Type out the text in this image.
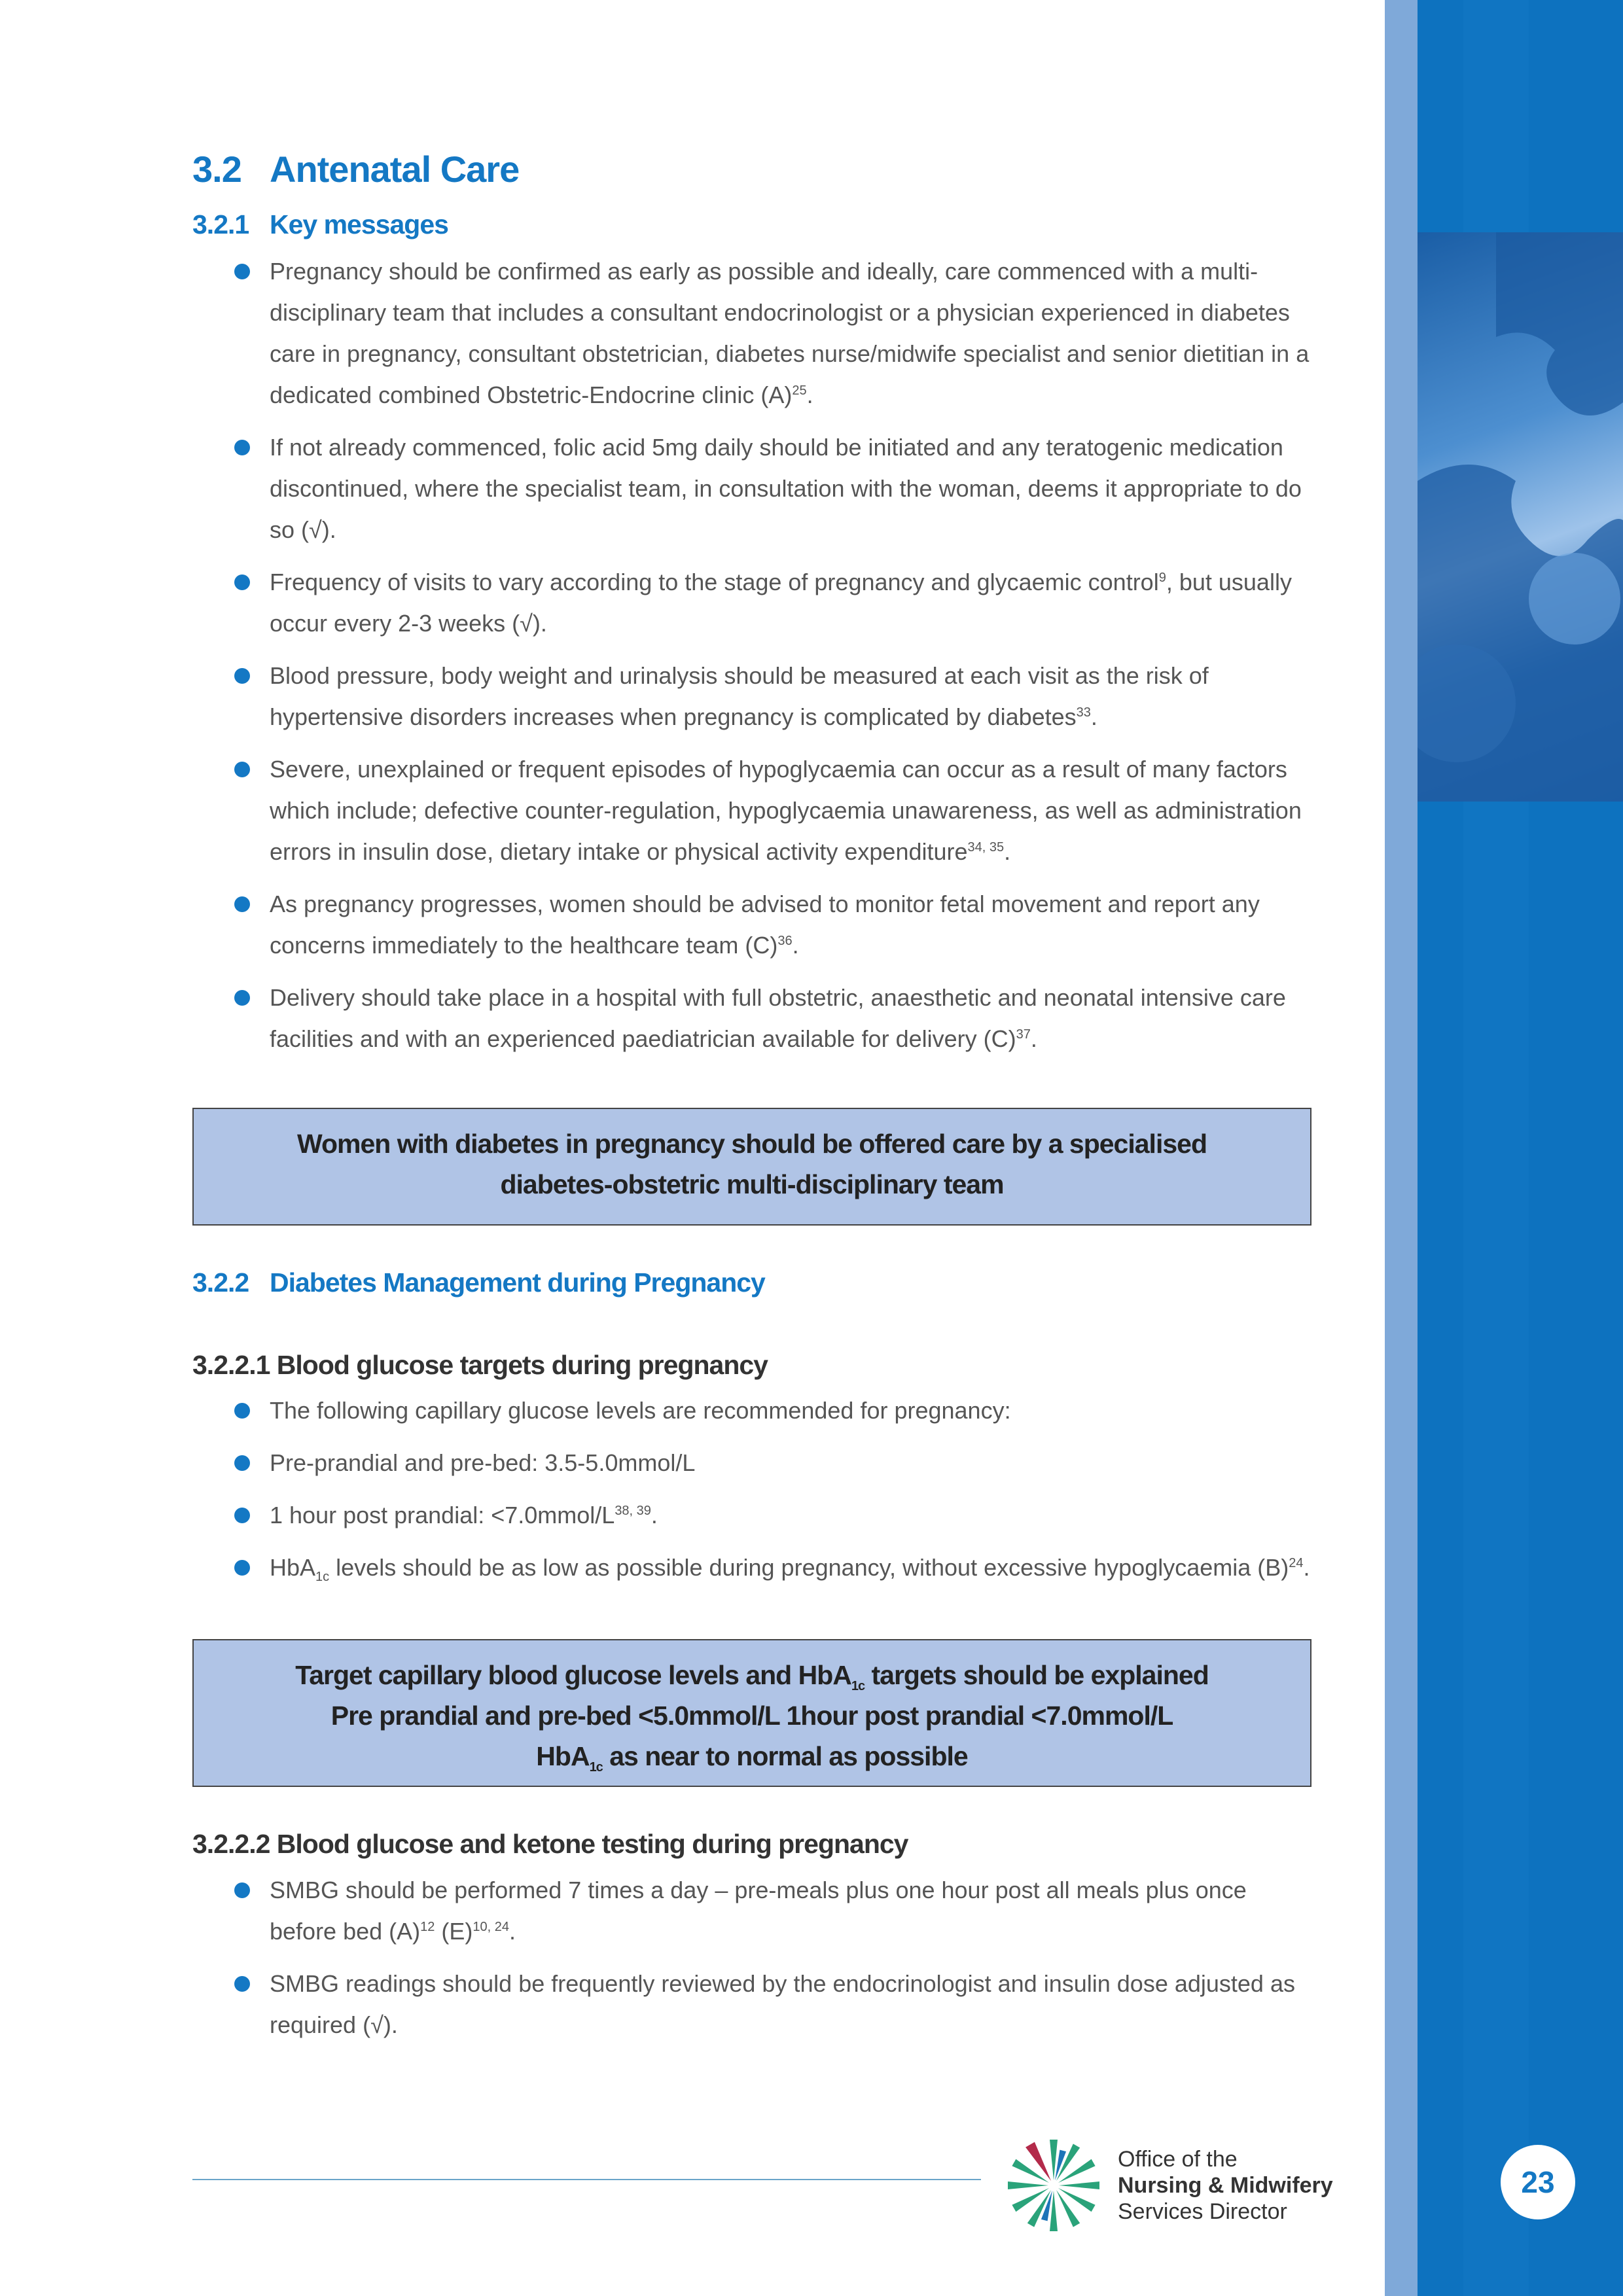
3.2 Antenatal Care
3.2.1 Key messages
Pregnancy should be confirmed as early as possible and ideally, care commenced with a multi-disciplinary team that includes a consultant endocrinologist or a physician experienced in diabetes care in pregnancy, consultant obstetrician, diabetes nurse/midwife specialist and senior dietitian in a dedicated combined Obstetric-Endocrine clinic $(A)^{25}$.
If not already commenced, folic acid 5mg daily should be initiated and any teratogenic medication discontinued, where the specialist team, in consultation with the woman, deems it appropriate to do so (√).
Frequency of visits to vary according to the stage of pregnancy and glycaemic control$^9$, but usually occur every 2-3 weeks (√).
Blood pressure, body weight and urinalysis should be measured at each visit as the risk of hypertensive disorders increases when pregnancy is complicated by diabetes$^{33}$.
Severe, unexplained or frequent episodes of hypoglycaemia can occur as a result of many factors which include; defective counter-regulation, hypoglycaemia unawareness, as well as administration errors in insulin dose, dietary intake or physical activity expenditure$^{34, 35}$.
As pregnancy progresses, women should be advised to monitor fetal movement and report any concerns immediately to the healthcare team $(C)^{36}$.
Delivery should take place in a hospital with full obstetric, anaesthetic and neonatal intensive care facilities and with an experienced paediatrician available for delivery $(C)^{37}$.

Women with diabetes in pregnancy should be offered care by a specialised

diabetes-obstetric multi-disciplinary team

3.2.2 Diabetes Management during Pregnancy
3.2.2.1 Blood glucose targets during pregnancy
The following capillary glucose levels are recommended for pregnancy:
Pre-prandial and pre-bed: 3.5-5.0mmol/L
1 hour post prandial: $<7.0mmol/L^{38, 39}$.
HbA$_{1c}$ levels should be as low as possible during pregnancy, without excessive hypoglycaemia $(B)^{24}$.

Target capillary blood glucose levels and HbA$_{1c}$ targets should be explained

Pre prandial and pre-bed <5.0mmol/L 1hour post prandial <7.0mmol/L

HbA$_{1c}$ as near to normal as possible

3.2.2.2 Blood glucose and ketone testing during pregnancy
SMBG should be performed 7 times a day – pre-meals plus one hour post all meals plus once before bed $(A)^{12}$ $(E)^{10, 24}$.
SMBG readings should be frequently reviewed by the endocrinologist and insulin dose adjusted as required (√).
Office of the
Nursing & Midwifery
Services Director
23
